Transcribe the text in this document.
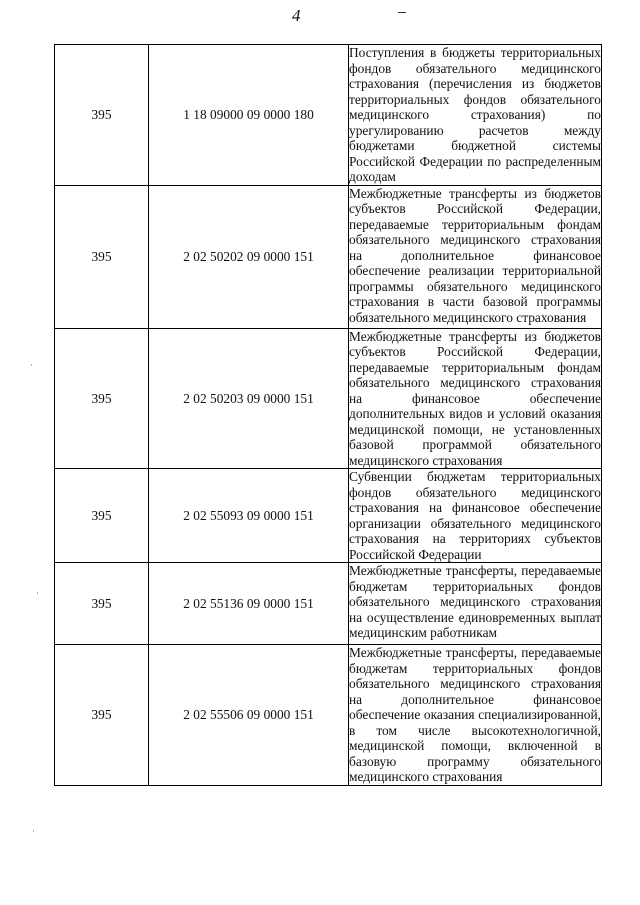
4
·
·
·
395	1 18 09000 09 0000 180	Поступления в бюджеты территориальных фондов обязательного медицинского страхования (перечисления из бюджетов территориальных фондов обязательного медицинского страхования) по урегулированию расчетов между бюджетами бюджетной системы Российской Федерации по распределенным доходам
395	2 02 50202 09 0000 151	Межбюджетные трансферты из бюджетов субъектов Российской Федерации, передаваемые территориальным фондам обязательного медицинского страхования на дополнительное финансовое обеспечение реализации территориальной программы обязательного медицинского страхования в части базовой программы обязательного медицинского страхования
395	2 02 50203 09 0000 151	Межбюджетные трансферты из бюджетов субъектов Российской Федерации, передаваемые территориальным фондам обязательного медицинского страхования на финансовое обеспечение дополнительных видов и условий оказания медицинской помощи, не установленных базовой программой обязательного медицинского страхования
395	2 02 55093 09 0000 151	Субвенции бюджетам территориальных фондов обязательного медицинского страхования на финансовое обеспечение организации обязательного медицинского страхования на территориях субъектов Российской Федерации
395	2 02 55136 09 0000 151	Межбюджетные трансферты, передаваемые бюджетам территориальных фондов обязательного медицинского страхования на осуществление единовременных выплат медицинским работникам
395	2 02 55506 09 0000 151	Межбюджетные трансферты, передаваемые бюджетам территориальных фондов обязательного медицинского страхования на дополнительное финансовое обеспечение оказания специализированной, в том числе высокотехнологичной, медицинской помощи, включенной в базовую программу обязательного медицинского страхования
